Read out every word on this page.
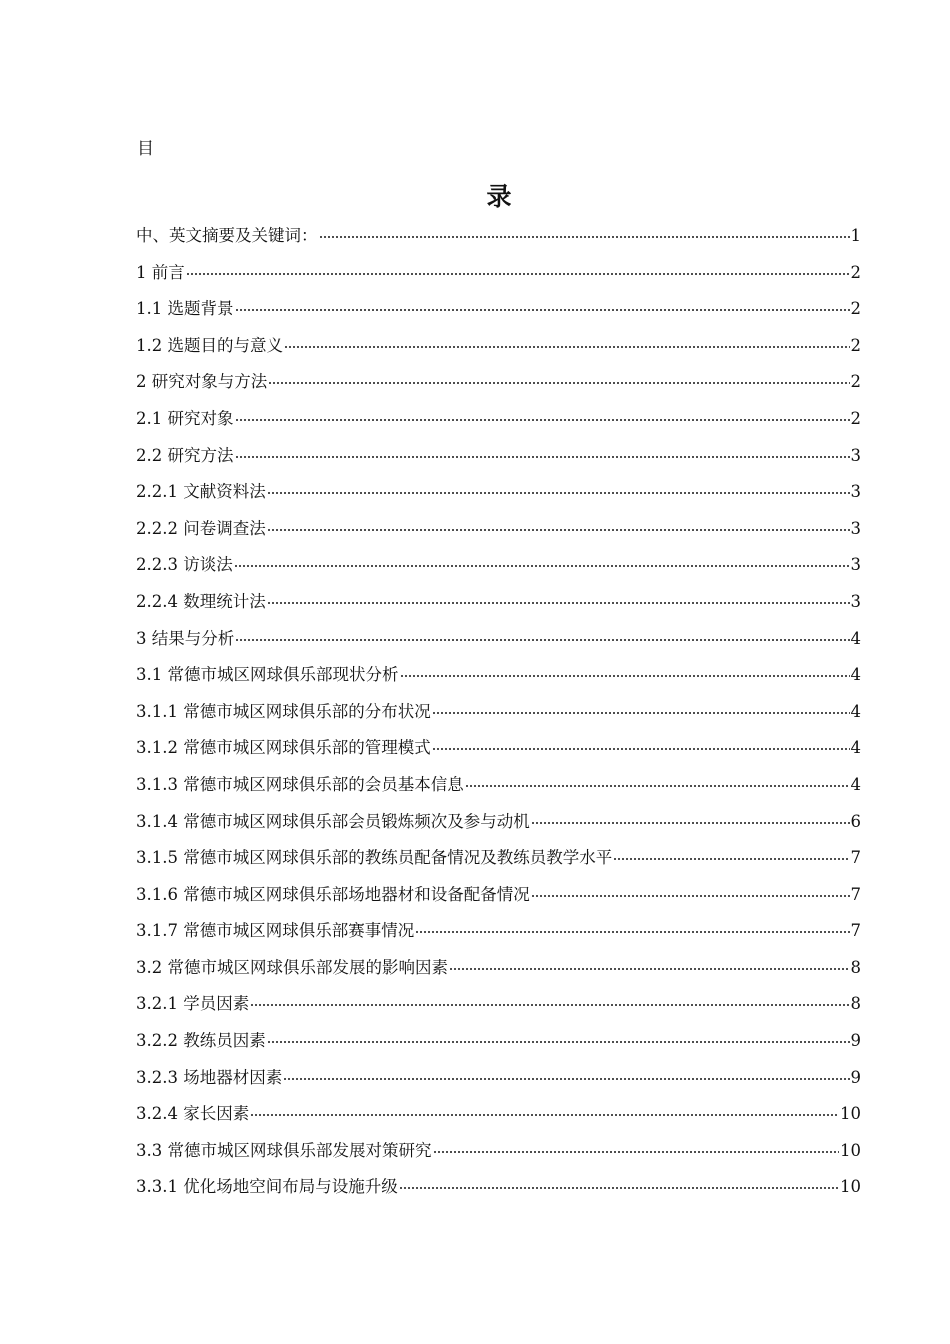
目
录
中、英文摘要及关键词：	1
1 前言	2
1.1 选题背景	2
1.2 选题目的与意义	2
2 研究对象与方法	2
2.1 研究对象	2
2.2 研究方法	3
2.2.1 文献资料法	3
2.2.2 问卷调查法	3
2.2.3 访谈法	3
2.2.4 数理统计法	3
3 结果与分析	4
3.1 常德市城区网球俱乐部现状分析	4
3.1.1 常德市城区网球俱乐部的分布状况	4
3.1.2 常德市城区网球俱乐部的管理模式	4
3.1.3 常德市城区网球俱乐部的会员基本信息	4
3.1.4 常德市城区网球俱乐部会员锻炼频次及参与动机	6
3.1.5 常德市城区网球俱乐部的教练员配备情况及教练员教学水平	7
3.1.6 常德市城区网球俱乐部场地器材和设备配备情况	7
3.1.7 常德市城区网球俱乐部赛事情况	7
3.2 常德市城区网球俱乐部发展的影响因素	8
3.2.1 学员因素	8
3.2.2 教练员因素	9
3.2.3 场地器材因素	9
3.2.4 家长因素	10
3.3 常德市城区网球俱乐部发展对策研究	10
3.3.1 优化场地空间布局与设施升级	10
